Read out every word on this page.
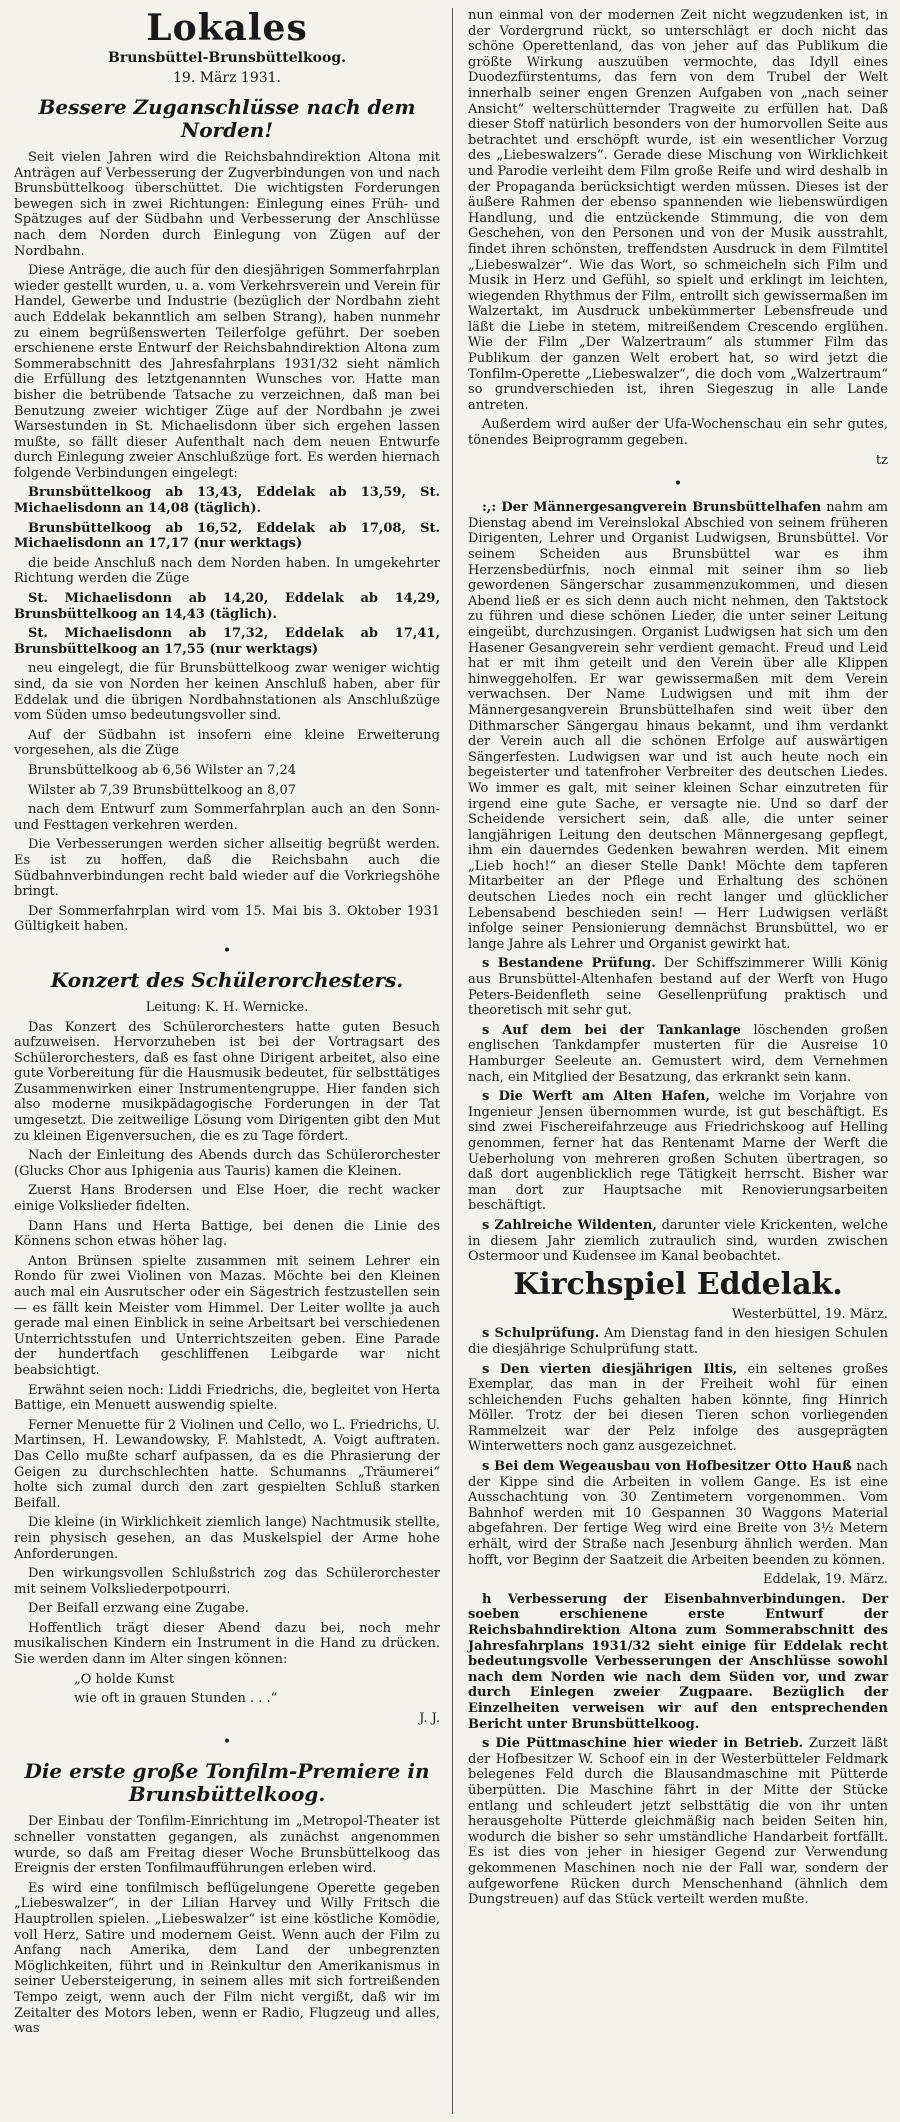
Lokales
Brunsbüttel-Brunsbüttelkoog.
19. März 1931.
Bessere Zuganschlüsse nach dem Norden!

Seit vielen Jahren wird die Reichsbahndirektion Altona mit Anträgen auf Verbesserung der Zugverbindungen von und nach Brunsbüttelkoog überschüttet. Die wichtigsten Forderungen bewegen sich in zwei Richtungen: Einlegung eines Früh- und Spätzuges auf der Südbahn und Verbesserung der Anschlüsse nach dem Norden durch Einlegung von Zügen auf der Nordbahn.

Diese Anträge, die auch für den diesjährigen Sommerfahrplan wieder gestellt wurden, u. a. vom Verkehrsverein und Verein für Handel, Gewerbe und Industrie (bezüglich der Nordbahn zieht auch Eddelak bekanntlich am selben Strang), haben nunmehr zu einem begrüßenswerten Teilerfolge geführt. Der soeben erschienene erste Entwurf der Reichsbahndirektion Altona zum Sommerabschnitt des Jahresfahrplans 1931/32 sieht nämlich die Erfüllung des letztgenannten Wunsches vor. Hatte man bisher die betrübende Tatsache zu verzeichnen, daß man bei Benutzung zweier wichtiger Züge auf der Nordbahn je zwei Warsestunden in St. Michaelisdonn über sich ergehen lassen mußte, so fällt dieser Aufenthalt nach dem neuen Entwurfe durch Einlegung zweier Anschlußzüge fort. Es werden hiernach folgende Verbindungen eingelegt:

Brunsbüttelkoog ab 13,43, Eddelak ab 13,59, St. Michaelisdonn an 14,08 (täglich).

Brunsbüttelkoog ab 16,52, Eddelak ab 17,08, St. Michaelisdonn an 17,17 (nur werktags)

die beide Anschluß nach dem Norden haben. In umgekehrter Richtung werden die Züge

St. Michaelisdonn ab 14,20, Eddelak ab 14,29, Brunsbüttelkoog an 14,43 (täglich).

St. Michaelisdonn ab 17,32, Eddelak ab 17,41, Brunsbüttelkoog an 17,55 (nur werktags)

neu eingelegt, die für Brunsbüttelkoog zwar weniger wichtig sind, da sie von Norden her keinen Anschluß haben, aber für Eddelak und die übrigen Nordbahnstationen als Anschlußzüge vom Süden umso bedeutungsvoller sind.

Auf der Südbahn ist insofern eine kleine Erweiterung vorgesehen, als die Züge

Brunsbüttelkoog ab 6,56 Wilster an 7,24

Wilster ab 7,39 Brunsbüttelkoog an 8,07

nach dem Entwurf zum Sommerfahrplan auch an den Sonn- und Festtagen verkehren werden.

Die Verbesserungen werden sicher allseitig begrüßt werden. Es ist zu hoffen, daß die Reichsbahn auch die Südbahnverbindungen recht bald wieder auf die Vorkriegshöhe bringt.

Der Sommerfahrplan wird vom 15. Mai bis 3. Oktober 1931 Gültigkeit haben.

•
Konzert des Schülerorchesters.

Leitung: K. H. Wernicke.

Das Konzert des Schülerorchesters hatte guten Besuch aufzuweisen. Hervorzuheben ist bei der Vortragsart des Schülerorchesters, daß es fast ohne Dirigent arbeitet, also eine gute Vorbereitung für die Hausmusik bedeutet, für selbsttätiges Zusammenwirken einer Instrumentengruppe. Hier fanden sich also moderne musikpädagogische Forderungen in der Tat umgesetzt. Die zeitweilige Lösung vom Dirigenten gibt den Mut zu kleinen Eigenversuchen, die es zu Tage fördert.

Nach der Einleitung des Abends durch das Schülerorchester (Glucks Chor aus Iphigenia aus Tauris) kamen die Kleinen.

Zuerst Hans Brodersen und Else Hoer, die recht wacker einige Volkslieder fidelten.

Dann Hans und Herta Battige, bei denen die Linie des Könnens schon etwas höher lag.

Anton Brünsen spielte zusammen mit seinem Lehrer ein Rondo für zwei Violinen von Mazas. Möchte bei den Kleinen auch mal ein Ausrutscher oder ein Sägestrich festzustellen sein — es fällt kein Meister vom Himmel. Der Leiter wollte ja auch gerade mal einen Einblick in seine Arbeitsart bei verschiedenen Unterrichtsstufen und Unterrichtszeiten geben. Eine Parade der hundertfach geschliffenen Leibgarde war nicht beabsichtigt.

Erwähnt seien noch: Liddi Friedrichs, die, begleitet von Herta Battige, ein Menuett auswendig spielte.

Ferner Menuette für 2 Violinen und Cello, wo L. Friedrichs, U. Martinsen, H. Lewandowsky, F. Mahlstedt, A. Voigt auftraten. Das Cello mußte scharf aufpassen, da es die Phrasierung der Geigen zu durchschlechten hatte. Schumanns „Träumerei“ holte sich zumal durch den zart gespielten Schluß starken Beifall.

Die kleine (in Wirklichkeit ziemlich lange) Nachtmusik stellte, rein physisch gesehen, an das Muskelspiel der Arme hohe Anforderungen.

Den wirkungsvollen Schlußstrich zog das Schülerorchester mit seinem Volksliederpotpourri.

Der Beifall erzwang eine Zugabe.

Hoffentlich trägt dieser Abend dazu bei, noch mehr musikalischen Kindern ein Instrument in die Hand zu drücken. Sie werden dann im Alter singen können:

„O holde Kunst
wie oft in grauen Stunden . . .“

J. J.

•
Die erste große Tonfilm-Premiere in Brunsbüttelkoog.

Der Einbau der Tonfilm-Einrichtung im „Metropol-Theater ist schneller vonstatten gegangen, als zunächst angenommen wurde, so daß am Freitag dieser Woche Brunsbüttelkoog das Ereignis der ersten Tonfilmaufführungen erleben wird.

Es wird eine tonfilmisch beflügelungene Operette gegeben „Liebeswalzer“, in der Lilian Harvey und Willy Fritsch die Hauptrollen spielen. „Liebeswalzer“ ist eine köstliche Komödie, voll Herz, Satire und modernem Geist. Wenn auch der Film zu Anfang nach Amerika, dem Land der unbegrenzten Möglichkeiten, führt und in Reinkultur den Amerikanismus in seiner Uebersteigerung, in seinem alles mit sich fortreißenden Tempo zeigt, wenn auch der Film nicht vergißt, daß wir im Zeitalter des Motors leben, wenn er Radio, Flugzeug und alles, was

nun einmal von der modernen Zeit nicht wegzudenken ist, in der Vordergrund rückt, so unterschlägt er doch nicht das schöne Operettenland, das von jeher auf das Publikum die größte Wirkung auszuüben vermochte, das Idyll eines Duodezfürstentums, das fern von dem Trubel der Welt innerhalb seiner engen Grenzen Aufgaben von „nach seiner Ansicht“ welterschütternder Tragweite zu erfüllen hat. Daß dieser Stoff natürlich besonders von der humorvollen Seite aus betrachtet und erschöpft wurde, ist ein wesentlicher Vorzug des „Liebeswalzers“. Gerade diese Mischung von Wirklichkeit und Parodie verleiht dem Film große Reife und wird deshalb in der Propaganda berücksichtigt werden müssen. Dieses ist der äußere Rahmen der ebenso spannenden wie liebenswürdigen Handlung, und die entzückende Stimmung, die von dem Geschehen, von den Personen und von der Musik ausstrahlt, findet ihren schönsten, treffendsten Ausdruck in dem Filmtitel „Liebeswalzer“. Wie das Wort, so schmeicheln sich Film und Musik in Herz und Gefühl, so spielt und erklingt im leichten, wiegenden Rhythmus der Film, entrollt sich gewissermaßen im Walzertakt, im Ausdruck unbekümmerter Lebensfreude und läßt die Liebe in stetem, mitreißendem Crescendo erglühen. Wie der Film „Der Walzertraum“ als stummer Film das Publikum der ganzen Welt erobert hat, so wird jetzt die Tonfilm-Operette „Liebeswalzer“, die doch vom „Walzertraum“ so grundverschieden ist, ihren Siegeszug in alle Lande antreten.

Außerdem wird außer der Ufa-Wochenschau ein sehr gutes, tönendes Beiprogramm gegeben.

tz

•

:,: Der Männergesangverein Brunsbüttelhafen nahm am Dienstag abend im Vereinslokal Abschied von seinem früheren Dirigenten, Lehrer und Organist Ludwigsen, Brunsbüttel. Vor seinem Scheiden aus Brunsbüttel war es ihm Herzensbedürfnis, noch einmal mit seiner ihm so lieb gewordenen Sängerschar zusammenzukommen, und diesen Abend ließ er es sich denn auch nicht nehmen, den Taktstock zu führen und diese schönen Lieder, die unter seiner Leitung eingeübt, durchzusingen. Organist Ludwigsen hat sich um den Hasener Gesangverein sehr verdient gemacht. Freud und Leid hat er mit ihm geteilt und den Verein über alle Klippen hinweggeholfen. Er war gewissermaßen mit dem Verein verwachsen. Der Name Ludwigsen und mit ihm der Männergesangverein Brunsbüttelhafen sind weit über den Dithmarscher Sängergau hinaus bekannt, und ihm verdankt der Verein auch all die schönen Erfolge auf auswärtigen Sängerfesten. Ludwigsen war und ist auch heute noch ein begeisterter und tatenfroher Verbreiter des deutschen Liedes. Wo immer es galt, mit seiner kleinen Schar einzutreten für irgend eine gute Sache, er versagte nie. Und so darf der Scheidende versichert sein, daß alle, die unter seiner langjährigen Leitung den deutschen Männergesang gepflegt, ihm ein dauerndes Gedenken bewahren werden. Mit einem „Lieb hoch!“ an dieser Stelle Dank! Möchte dem tapferen Mitarbeiter an der Pflege und Erhaltung des schönen deutschen Liedes noch ein recht langer und glücklicher Lebensabend beschieden sein! — Herr Ludwigsen verläßt infolge seiner Pensionierung demnächst Brunsbüttel, wo er lange Jahre als Lehrer und Organist gewirkt hat.

s Bestandene Prüfung. Der Schiffszimmerer Willi König aus Brunsbüttel-Altenhafen bestand auf der Werft von Hugo Peters-Beidenfleth seine Gesellenprüfung praktisch und theoretisch mit sehr gut.

s Auf dem bei der Tankanlage löschenden großen englischen Tankdampfer musterten für die Ausreise 10 Hamburger Seeleute an. Gemustert wird, dem Vernehmen nach, ein Mitglied der Besatzung, das erkrankt sein kann.

s Die Werft am Alten Hafen, welche im Vorjahre von Ingenieur Jensen übernommen wurde, ist gut beschäftigt. Es sind zwei Fischereifahrzeuge aus Friedrichskoog auf Helling genommen, ferner hat das Rentenamt Marne der Werft die Ueberholung von mehreren großen Schuten übertragen, so daß dort augenblicklich rege Tätigkeit herrscht. Bisher war man dort zur Hauptsache mit Renovierungsarbeiten beschäftigt.

s Zahlreiche Wildenten, darunter viele Krickenten, welche in diesem Jahr ziemlich zutraulich sind, wurden zwischen Ostermoor und Kudensee im Kanal beobachtet.

Kirchspiel Eddelak.

Westerbüttel, 19. März.

s Schulprüfung. Am Dienstag fand in den hiesigen Schulen die diesjährige Schulprüfung statt.

s Den vierten diesjährigen Iltis, ein seltenes großes Exemplar, das man in der Freiheit wohl für einen schleichenden Fuchs gehalten haben könnte, fing Hinrich Möller. Trotz der bei diesen Tieren schon vorliegenden Rammelzeit war der Pelz infolge des ausgeprägten Winterwetters noch ganz ausgezeichnet.

s Bei dem Wegeausbau von Hofbesitzer Otto Hauß nach der Kippe sind die Arbeiten in vollem Gange. Es ist eine Ausschachtung von 30 Zentimetern vorgenommen. Vom Bahnhof werden mit 10 Gespannen 30 Waggons Material abgefahren. Der fertige Weg wird eine Breite von 3½ Metern erhält, wird der Straße nach Jesenburg ähnlich werden. Man hofft, vor Beginn der Saatzeit die Arbeiten beenden zu können.

Eddelak, 19. März.

h Verbesserung der Eisenbahnverbindungen. Der soeben erschienene erste Entwurf der Reichsbahndirektion Altona zum Sommerabschnitt des Jahresfahrplans 1931/32 sieht einige für Eddelak recht bedeutungsvolle Verbesserungen der Anschlüsse sowohl nach dem Norden wie nach dem Süden vor, und zwar durch Einlegen zweier Zugpaare. Bezüglich der Einzelheiten verweisen wir auf den entsprechenden Bericht unter Brunsbüttelkoog.

s Die Püttmaschine hier wieder in Betrieb. Zurzeit läßt der Hofbesitzer W. Schoof ein in der Westerbütteler Feldmark belegenes Feld durch die Blausandmaschine mit Pütterde überpütten. Die Maschine fährt in der Mitte der Stücke entlang und schleudert jetzt selbsttätig die von ihr unten herausgeholte Pütterde gleichmäßig nach beiden Seiten hin, wodurch die bisher so sehr umständliche Handarbeit fortfällt. Es ist dies von jeher in hiesiger Gegend zur Verwendung gekommenen Maschinen noch nie der Fall war, sondern der aufgeworfene Rücken durch Menschenhand (ähnlich dem Dungstreuen) auf das Stück verteilt werden mußte.
